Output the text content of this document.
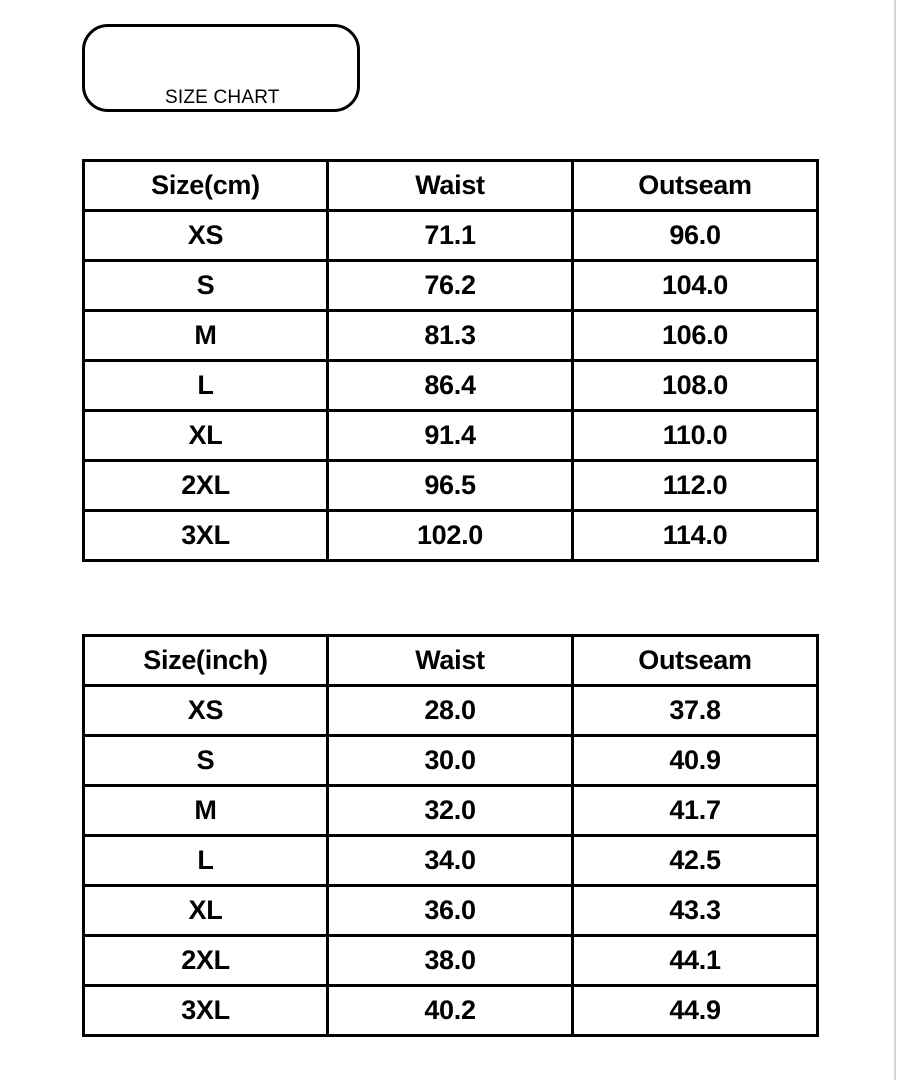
SIZE CHART
Size(cm)	Waist	Outseam
XS	71.1	96.0
S	76.2	104.0
M	81.3	106.0
L	86.4	108.0
XL	91.4	110.0
2XL	96.5	112.0
3XL	102.0	114.0
Size(inch)	Waist	Outseam
XS	28.0	37.8
S	30.0	40.9
M	32.0	41.7
L	34.0	42.5
XL	36.0	43.3
2XL	38.0	44.1
3XL	40.2	44.9
